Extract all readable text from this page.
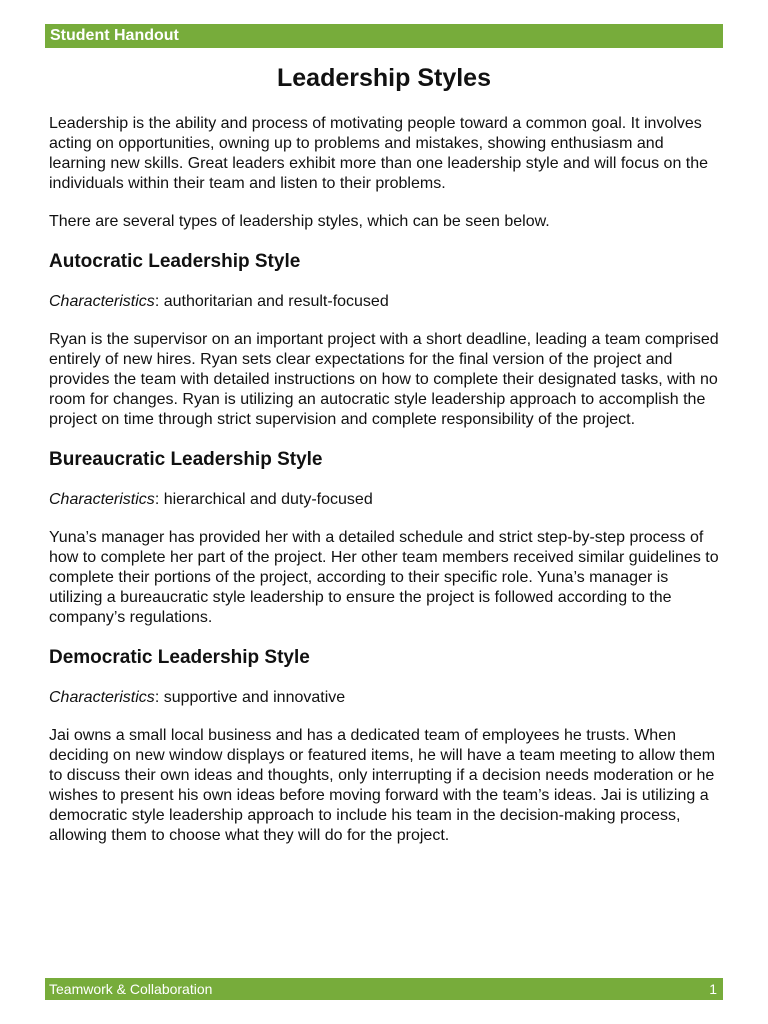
Student Handout
Leadership Styles

Leadership is the ability and process of motivating people toward a common goal. It involves acting on opportunities, owning up to problems and mistakes, showing enthusiasm and learning new skills. Great leaders exhibit more than one leadership style and will focus on the individuals within their team and listen to their problems.

There are several types of leadership styles, which can be seen below.

Autocratic Leadership Style

Characteristics: authoritarian and result-focused

Ryan is the supervisor on an important project with a short deadline, leading a team comprised entirely of new hires. Ryan sets clear expectations for the final version of the project and provides the team with detailed instructions on how to complete their designated tasks, with no room for changes. Ryan is utilizing an autocratic style leadership approach to accomplish the project on time through strict supervision and complete responsibility of the project.

Bureaucratic Leadership Style

Characteristics: hierarchical and duty-focused

Yuna’s manager has provided her with a detailed schedule and strict step-by-step process of how to complete her part of the project. Her other team members received similar guidelines to complete their portions of the project, according to their specific role. Yuna’s manager is utilizing a bureaucratic style leadership to ensure the project is followed according to the company’s regulations.

Democratic Leadership Style

Characteristics: supportive and innovative

Jai owns a small local business and has a dedicated team of employees he trusts. When deciding on new window displays or featured items, he will have a team meeting to allow them to discuss their own ideas and thoughts, only interrupting if a decision needs moderation or he wishes to present his own ideas before moving forward with the team’s ideas. Jai is utilizing a democratic style leadership approach to include his team in the decision-making process, allowing them to choose what they will do for the project.

Teamwork & Collaboration	1
